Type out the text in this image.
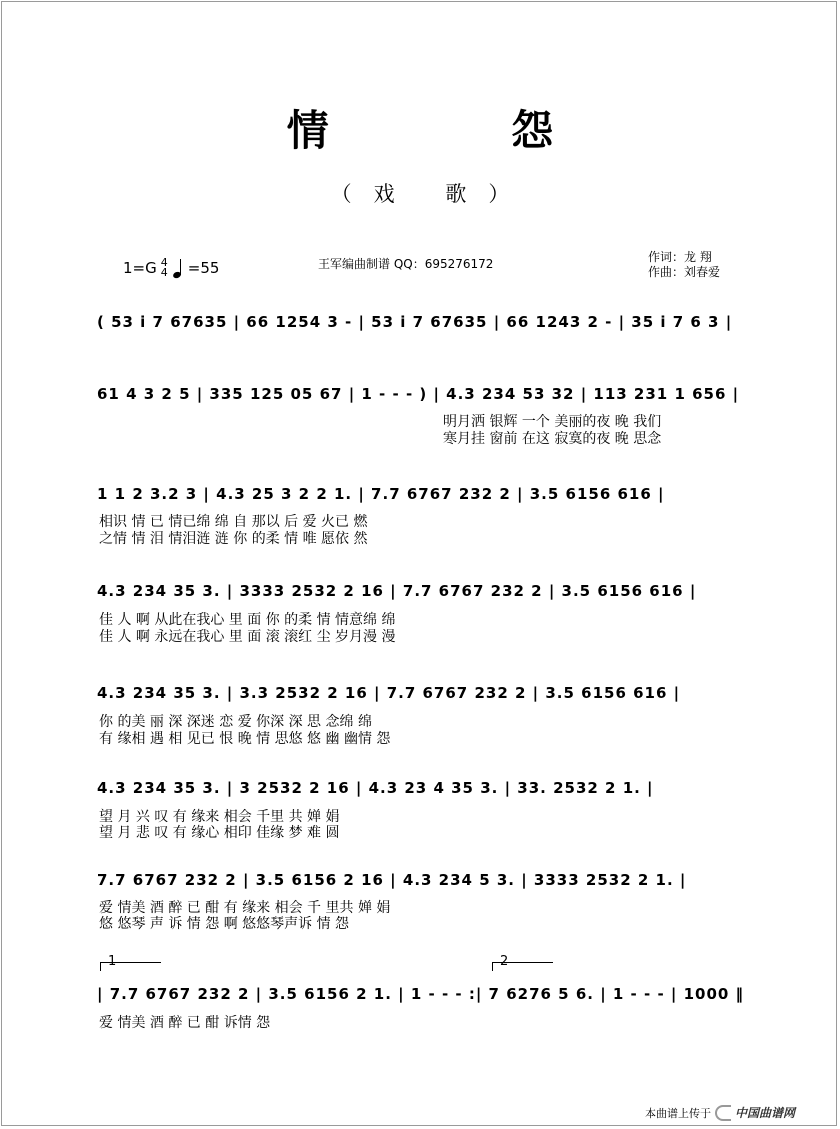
情 怨
（戏 歌）
1=G 4
4 =55	王军编曲制谱 QQ：695276172	作词：龙 翔
作曲：刘春爱
( 53 i 7 67635 | 66 1254 3 - | 53 i 7 67635 | 66 1243 2 - | 35 i 7 6 3 |
61 4 3 2 5 | 335 125 05 67 | 1 - - - ) | 4.3 234 53 32 | 113 231 1 656 |
明月洒 银辉 一个 美丽的夜 晚 我们
寒月挂 窗前 在这 寂寞的夜 晚 思念
1 1 2 3.2 3 | 4.3 25 3 2 2 1. | 7.7 6767 232 2 | 3.5 6156 616 |
相识 情 已 情已绵 绵 自 那以 后 爱 火已 燃
之情 情 泪 情泪涟 涟 你 的柔 情 唯 愿依 然
4.3 234 35 3. | 3333 2532 2 16 | 7.7 6767 232 2 | 3.5 6156 616 |
佳 人 啊 从此在我心 里 面 你 的柔 情 情意绵 绵
佳 人 啊 永远在我心 里 面 滚 滚红 尘 岁月漫 漫
4.3 234 35 3. | 3.3 2532 2 16 | 7.7 6767 232 2 | 3.5 6156 616 |
你 的美 丽 深 深迷 恋 爱 你深 深 思 念绵 绵
有 缘相 遇 相 见已 恨 晚 情 思悠 悠 幽 幽情 怨
4.3 234 35 3. | 3 2532 2 16 | 4.3 23 4 35 3. | 33. 2532 2 1. |
望 月 兴 叹 有 缘来 相会 千里 共 婵 娟
望 月 悲 叹 有 缘心 相印 佳缘 梦 难 圆
7.7 6767 232 2 | 3.5 6156 2 16 | 4.3 234 5 3. | 3333 2532 2 1. |
爱 情美 酒 醉 已 酣 有 缘来 相会 千 里共 婵 娟
悠 悠琴 声 诉 情 怨 啊 悠悠琴声诉 情 怨
1	2
| 7.7 6767 232 2 | 3.5 6156 2 1. | 1 - - - :| 7 6276 5 6. | 1 - - - | 1000 ‖
爱 情美 酒 醉 已 酣 诉情 怨
本曲谱上传于 中国曲谱网
